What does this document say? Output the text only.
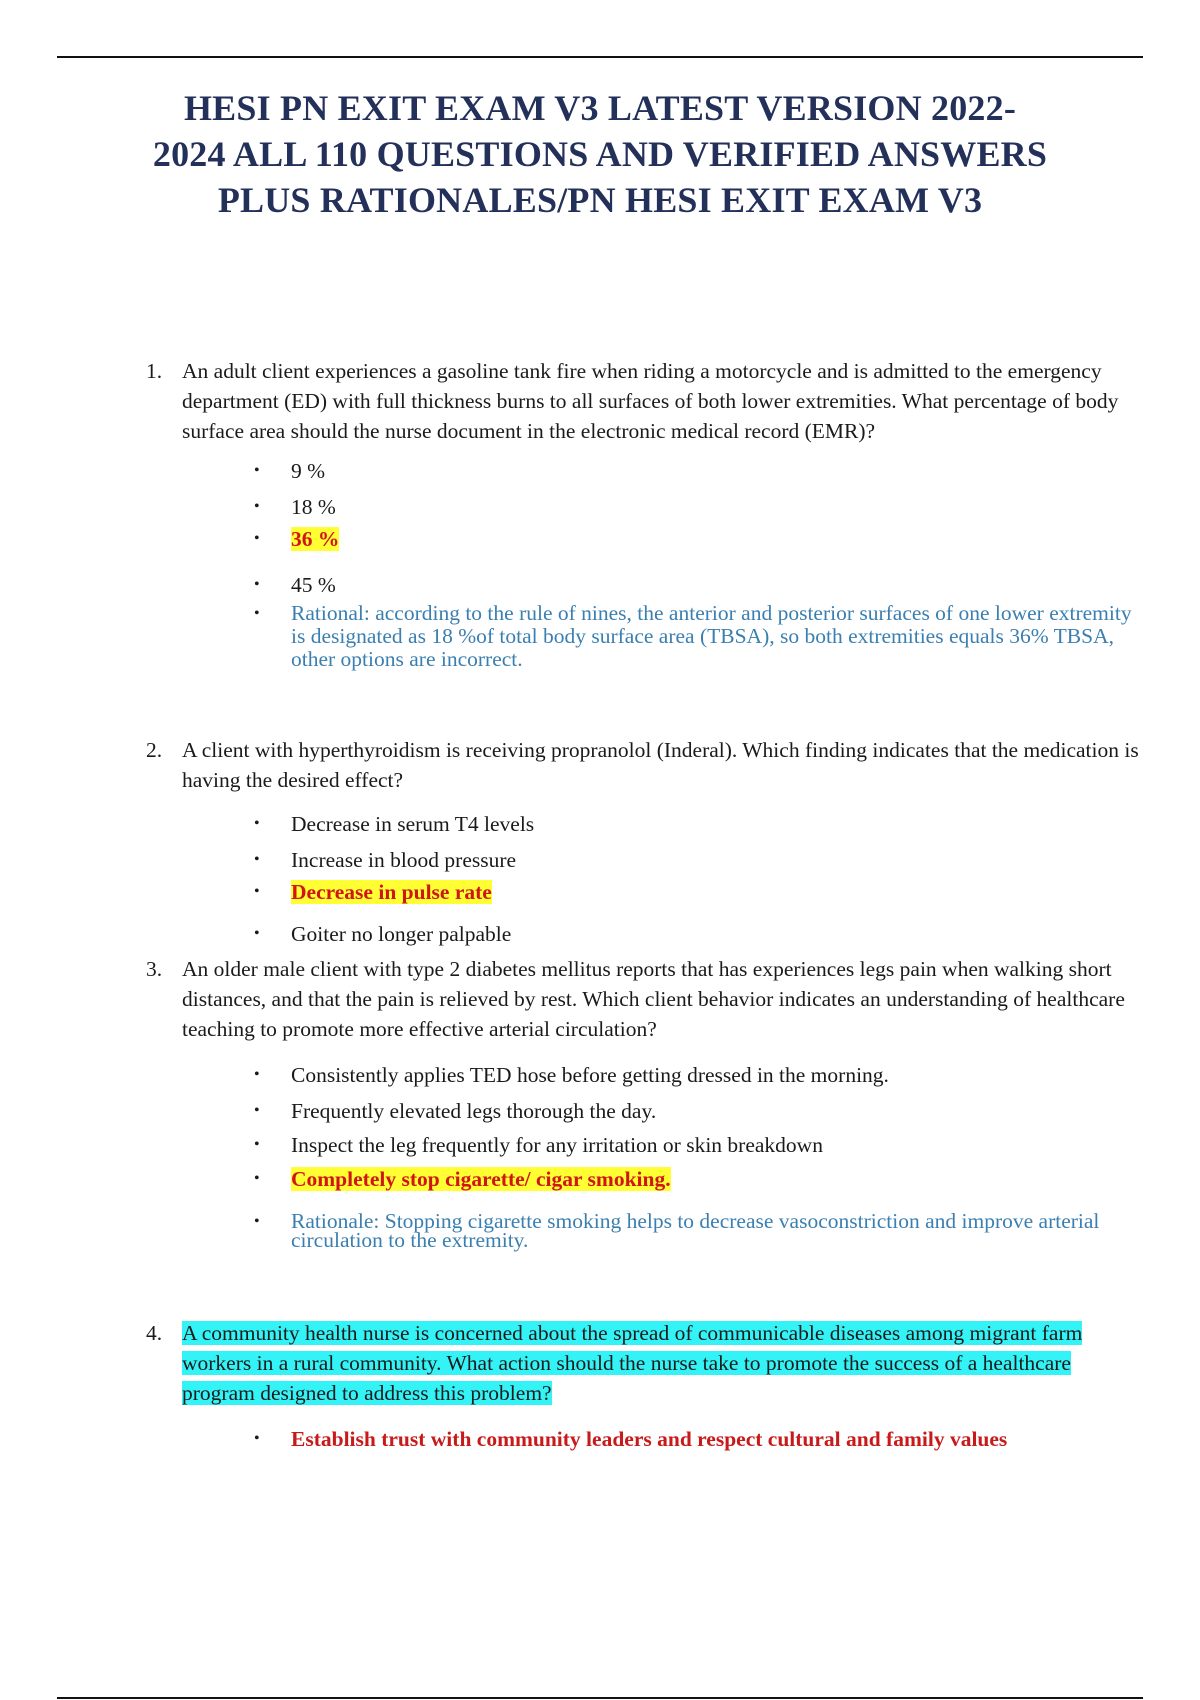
HESI PN EXIT EXAM V3 LATEST VERSION 2022-2024 ALL 110 QUESTIONS AND VERIFIED ANSWERS PLUS RATIONALES/PN HESI EXIT EXAM V3

1. An adult client experiences a gasoline tank fire when riding a motorcycle and is admitted to the emergency department (ED) with full thickness burns to all surfaces of both lower extremities. What percentage of body surface area should the nurse document in the electronic medical record (EMR)?

• 9 %
• 18 %
• 36 %
• 45 %
• Rational: according to the rule of nines, the anterior and posterior surfaces of one lower extremity is designated as 18 %of total body surface area (TBSA), so both extremities equals 36% TBSA, other options are incorrect.

2. A client with hyperthyroidism is receiving propranolol (Inderal). Which finding indicates that the medication is having the desired effect?

• Decrease in serum T4 levels
• Increase in blood pressure
• Decrease in pulse rate
• Goiter no longer palpable

3. An older male client with type 2 diabetes mellitus reports that has experiences legs pain when walking short distances, and that the pain is relieved by rest. Which client behavior indicates an understanding of healthcare teaching to promote more effective arterial circulation?

• Consistently applies TED hose before getting dressed in the morning.
• Frequently elevated legs thorough the day.
• Inspect the leg frequently for any irritation or skin breakdown
• Completely stop cigarette/ cigar smoking.
• Rationale: Stopping cigarette smoking helps to decrease vasoconstriction and improve arterial circulation to the extremity.

4. A community health nurse is concerned about the spread of communicable diseases among migrant farm workers in a rural community. What action should the nurse take to promote the success of a healthcare program designed to address this problem?

• Establish trust with community leaders and respect cultural and family values
